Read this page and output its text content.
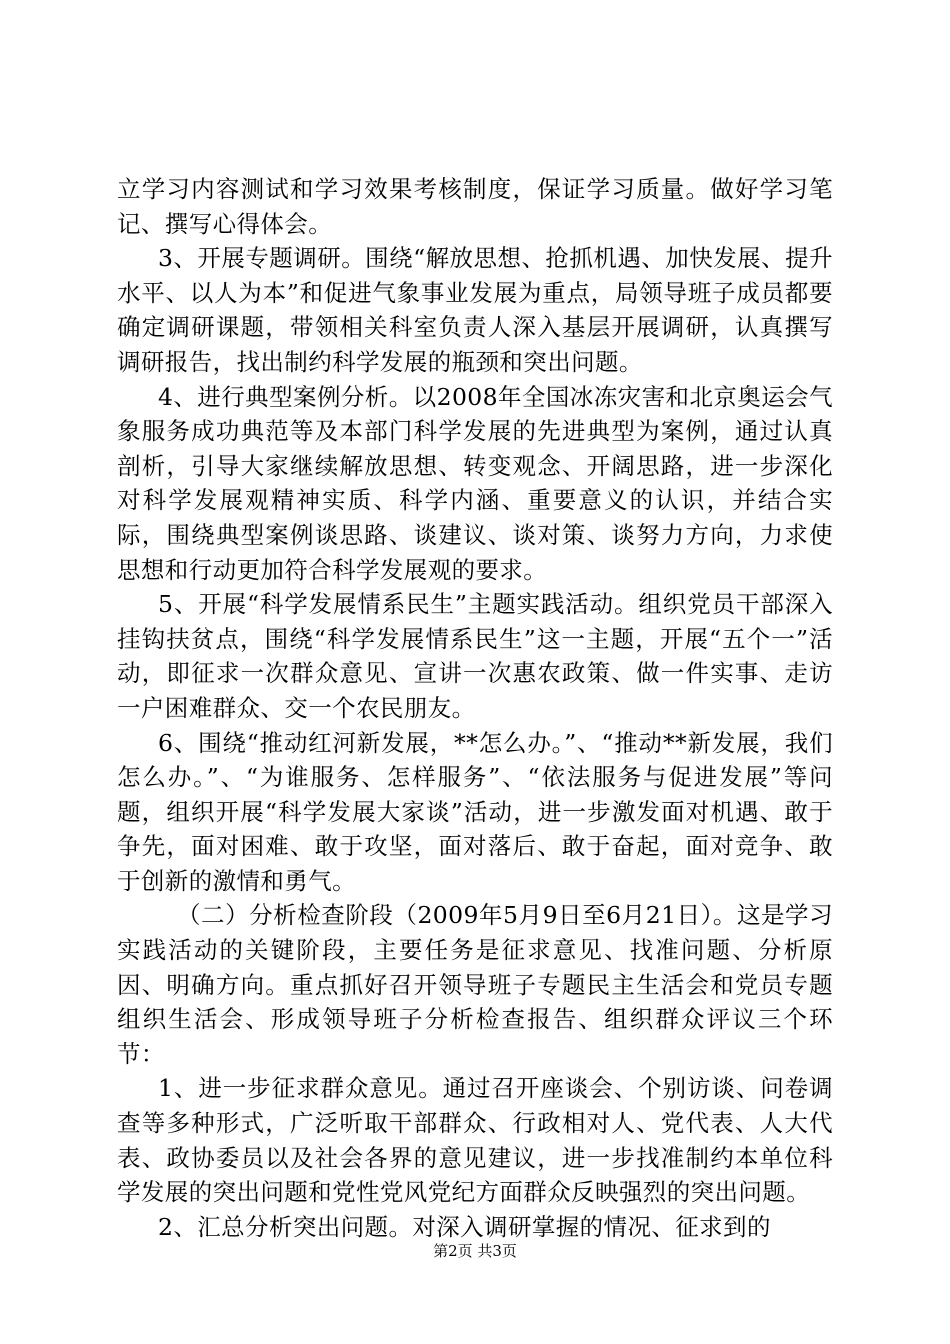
立学习内容测试和学习效果考核制度，保证学习质量。做好学习笔记、撰写心得体会。

3、开展专题调研。围绕“解放思想、抢抓机遇、加快发展、提升水平、以人为本”和促进气象事业发展为重点，局领导班子成员都要确定调研课题，带领相关科室负责人深入基层开展调研，认真撰写调研报告，找出制约科学发展的瓶颈和突出问题。

4、进行典型案例分析。以2008年全国冰冻灾害和北京奥运会气象服务成功典范等及本部门科学发展的先进典型为案例，通过认真剖析，引导大家继续解放思想、转变观念、开阔思路，进一步深化对科学发展观精神实质、科学内涵、重要意义的认识，并结合实际，围绕典型案例谈思路、谈建议、谈对策、谈努力方向，力求使思想和行动更加符合科学发展观的要求。

5、开展“科学发展情系民生”主题实践活动。组织党员干部深入挂钩扶贫点，围绕“科学发展情系民生”这一主题，开展“五个一”活动，即征求一次群众意见、宣讲一次惠农政策、做一件实事、走访一户困难群众、交一个农民朋友。

6、围绕“推动红河新发展，**怎么办。”、“推动**新发展，我们怎么办。”、“为谁服务、怎样服务”、“依法服务与促进发展”等问题，组织开展“科学发展大家谈”活动，进一步激发面对机遇、敢于争先，面对困难、敢于攻坚，面对落后、敢于奋起，面对竞争、敢于创新的激情和勇气。

（二）分析检查阶段（2009年5月9日至6月21日）。这是学习实践活动的关键阶段，主要任务是征求意见、找准问题、分析原因、明确方向。重点抓好召开领导班子专题民主生活会和党员专题组织生活会、形成领导班子分析检查报告、组织群众评议三个环节：

1、进一步征求群众意见。通过召开座谈会、个别访谈、问卷调查等多种形式，广泛听取干部群众、行政相对人、党代表、人大代表、政协委员以及社会各界的意见建议，进一步找准制约本单位科学发展的突出问题和党性党风党纪方面群众反映强烈的突出问题。

2、汇总分析突出问题。对深入调研掌握的情况、征求到的

第2页 共3页
